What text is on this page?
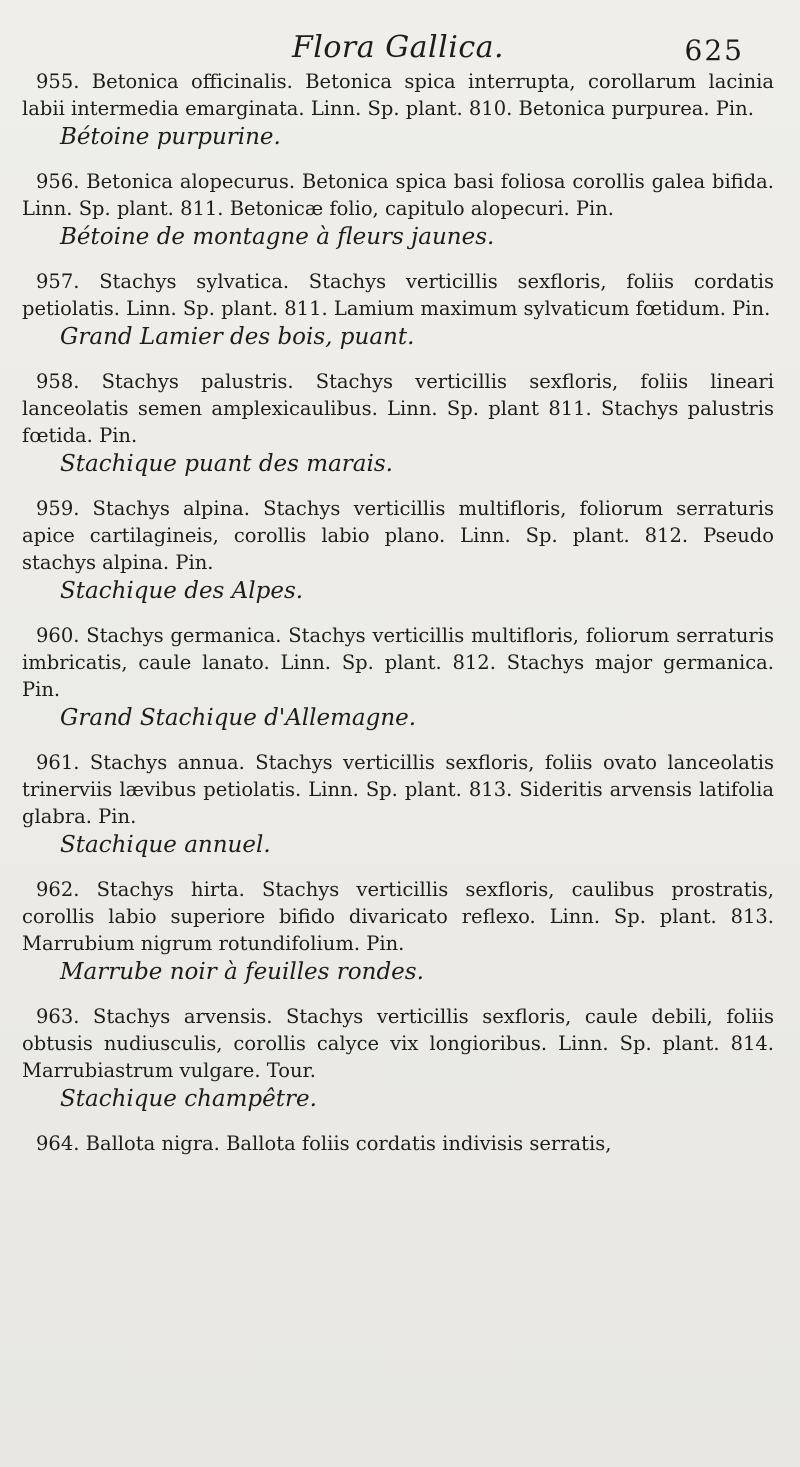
Flora Gallica.	625

955. Betonica officinalis. Betonica spica interrupta, corollarum lacinia labii intermedia emarginata. Linn. Sp. plant. 810. Betonica purpurea. Pin.

Bétoine purpurine.

956. Betonica alopecurus. Betonica spica basi foliosa corollis galea bifida. Linn. Sp. plant. 811. Betonicæ folio, capitulo alopecuri. Pin.

Bétoine de montagne à fleurs jaunes.

957. Stachys sylvatica. Stachys verticillis sexfloris, foliis cordatis petiolatis. Linn. Sp. plant. 811. Lamium maximum sylvaticum fœtidum. Pin.

Grand Lamier des bois, puant.

958. Stachys palustris. Stachys verticillis sexfloris, foliis lineari lanceolatis semen amplexicaulibus. Linn. Sp. plant 811. Stachys palustris fœtida. Pin.

Stachique puant des marais.

959. Stachys alpina. Stachys verticillis multifloris, foliorum serraturis apice cartilagineis, corollis labio plano. Linn. Sp. plant. 812. Pseudo stachys alpina. Pin.

Stachique des Alpes.

960. Stachys germanica. Stachys verticillis multifloris, foliorum serraturis imbricatis, caule lanato. Linn. Sp. plant. 812. Stachys major germanica. Pin.

Grand Stachique d'Allemagne.

961. Stachys annua. Stachys verticillis sexfloris, foliis ovato lanceolatis trinerviis lævibus petiolatis. Linn. Sp. plant. 813. Sideritis arvensis latifolia glabra. Pin.

Stachique annuel.

962. Stachys hirta. Stachys verticillis sexfloris, caulibus prostratis, corollis labio superiore bifido divaricato reflexo. Linn. Sp. plant. 813. Marrubium nigrum rotundifolium. Pin.

Marrube noir à feuilles rondes.

963. Stachys arvensis. Stachys verticillis sexfloris, caule debili, foliis obtusis nudiusculis, corollis calyce vix longioribus. Linn. Sp. plant. 814. Marrubiastrum vulgare. Tour.

Stachique champêtre.

964. Ballota nigra. Ballota foliis cordatis indivisis serratis,
